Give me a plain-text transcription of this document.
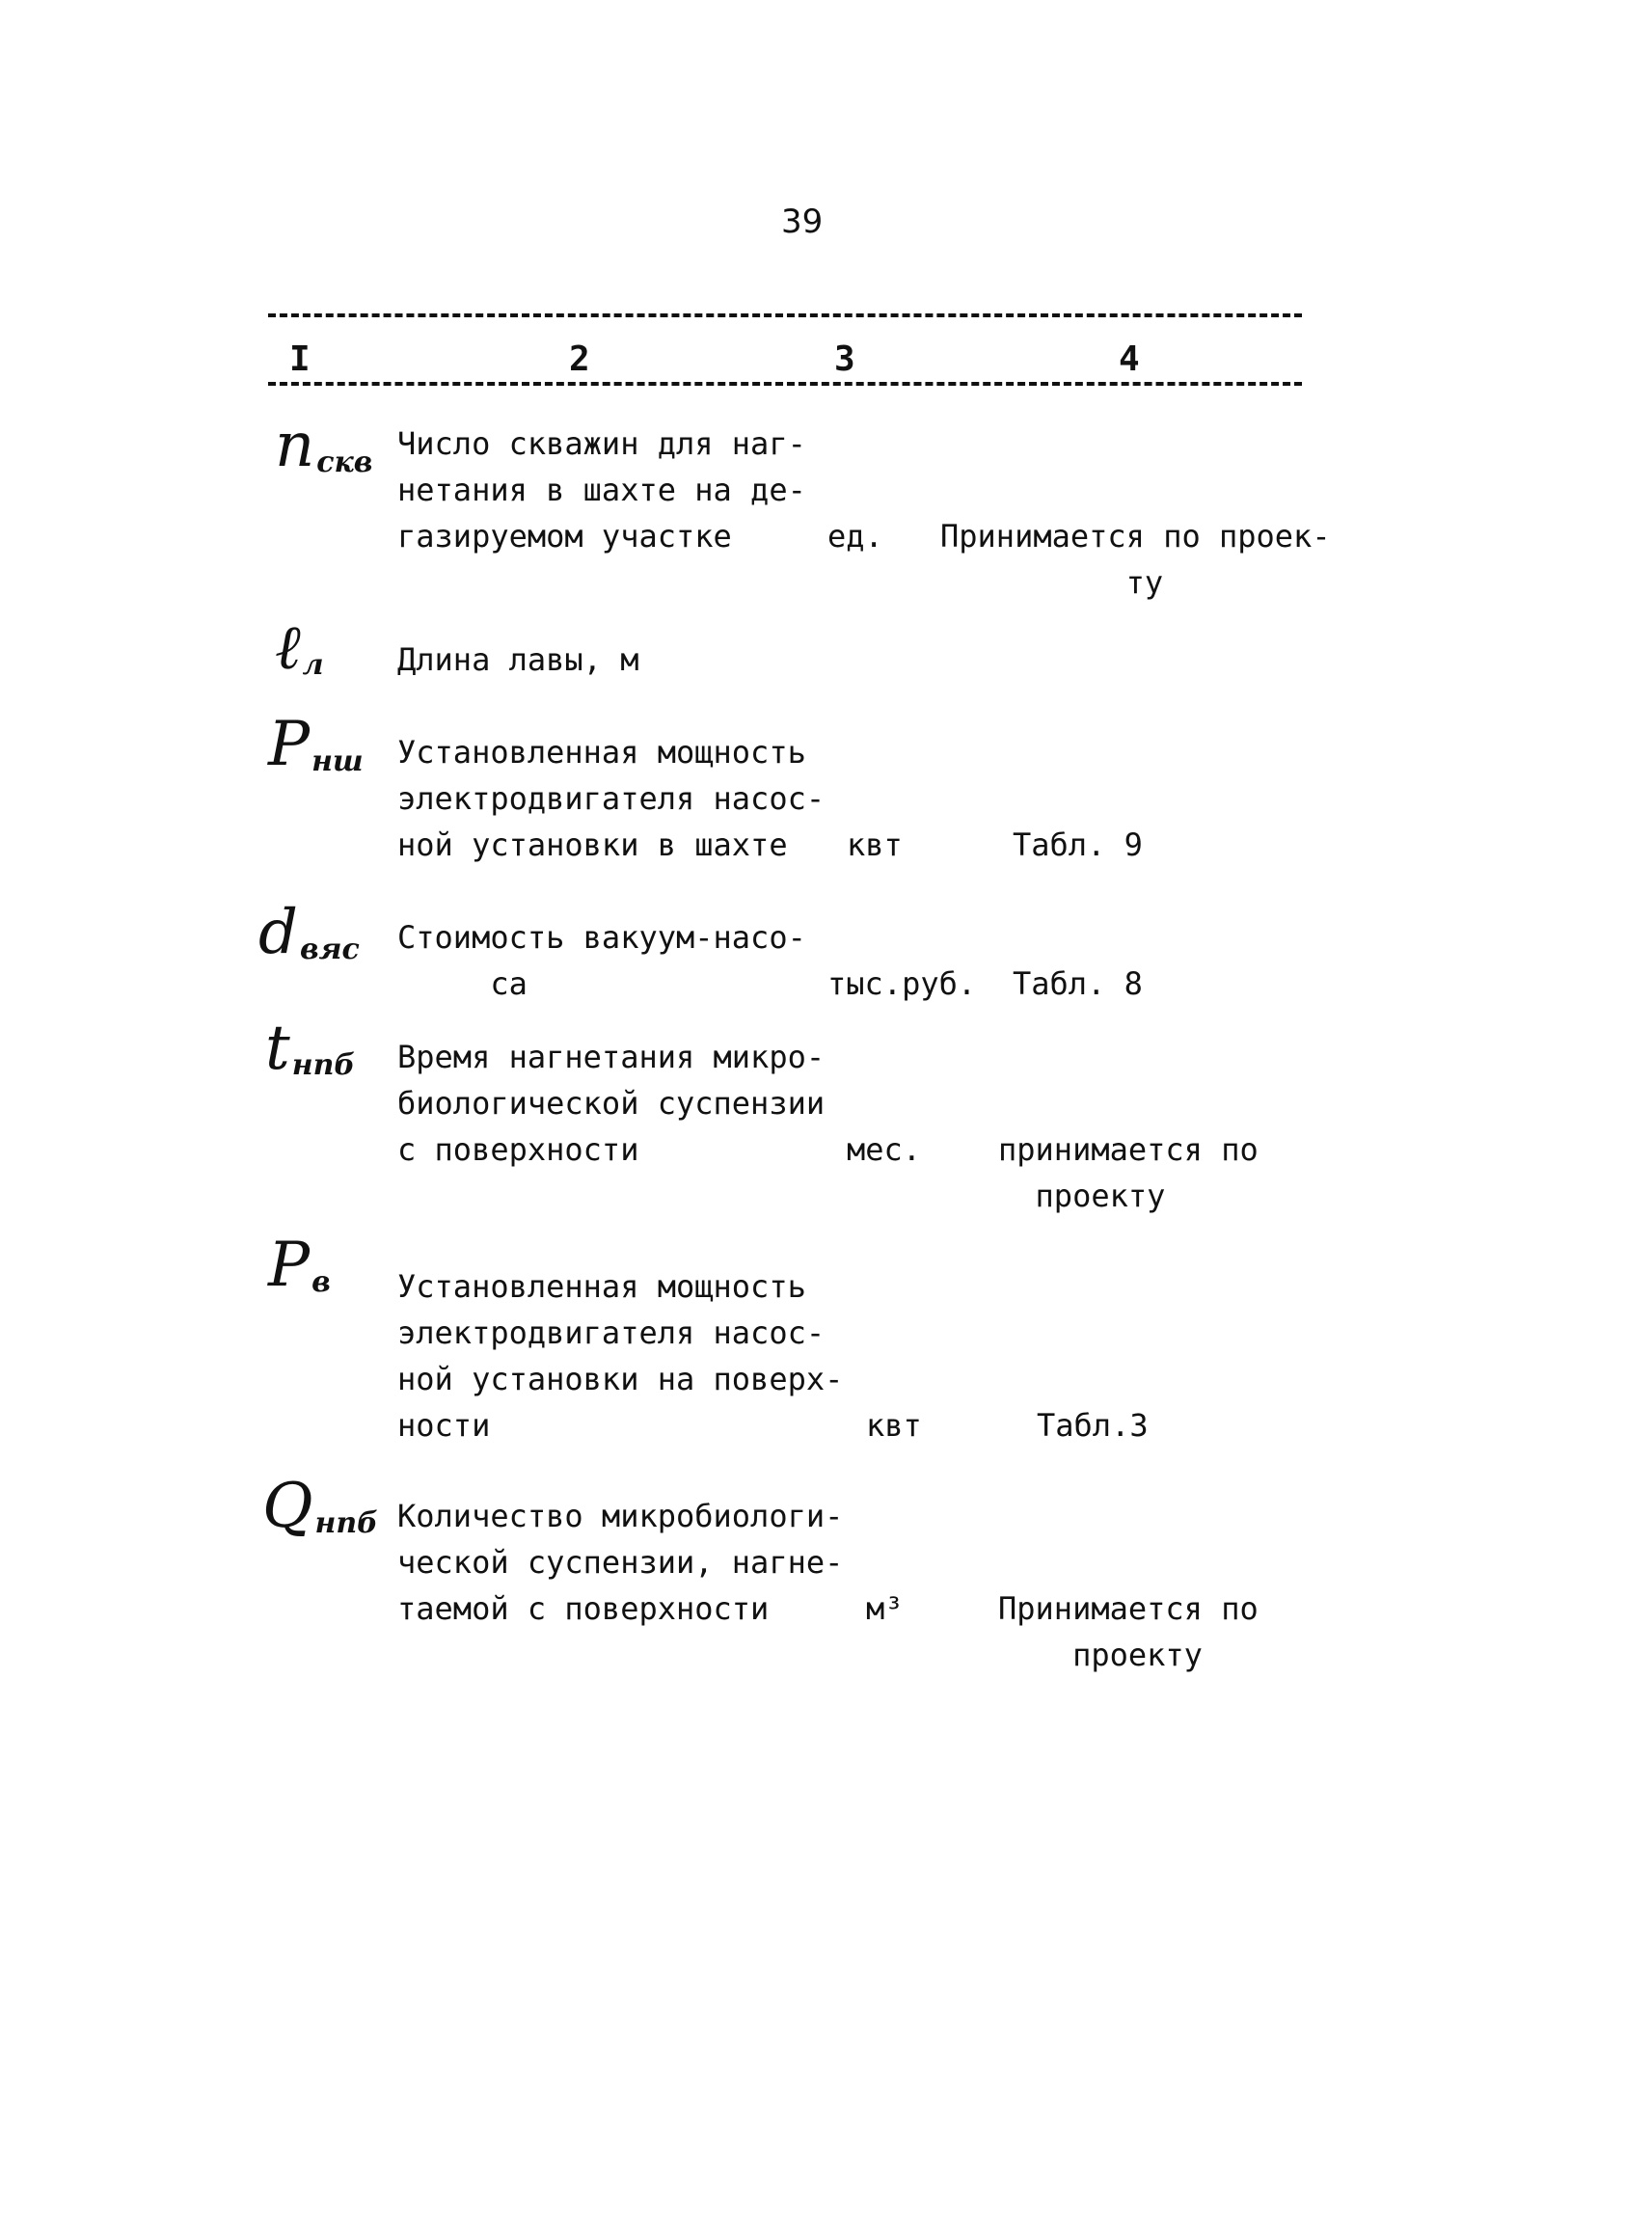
39
I	2	3	4
$n_{скв}$
Число скважин для наг-
нетания в шахте на де-
газируемом участке	ед. Принимается по проек-
ту
ℓ$_л$ Длина лавы, м
$P_{нш}$ Установленная мощность
электродвигателя насос-
ной установки в шахте	квт	Табл. 9
$d_{вяс}$ Стоимость вакуум-насо-
са	тыс.руб. Табл. 8
$t_{нпб}$ Время нагнетания микро-
биологической суспензии
с поверхности	мес. принимается по
проекту
$P_в$ Установленная мощность
электродвигателя насос-
ной установки на поверх-
ности	квт	Табл.3
$Q_{нпб}$ Количество микробиологи-
ческой суспензии, нагне-
таемой с поверхности	м³	Принимается по
проекту
